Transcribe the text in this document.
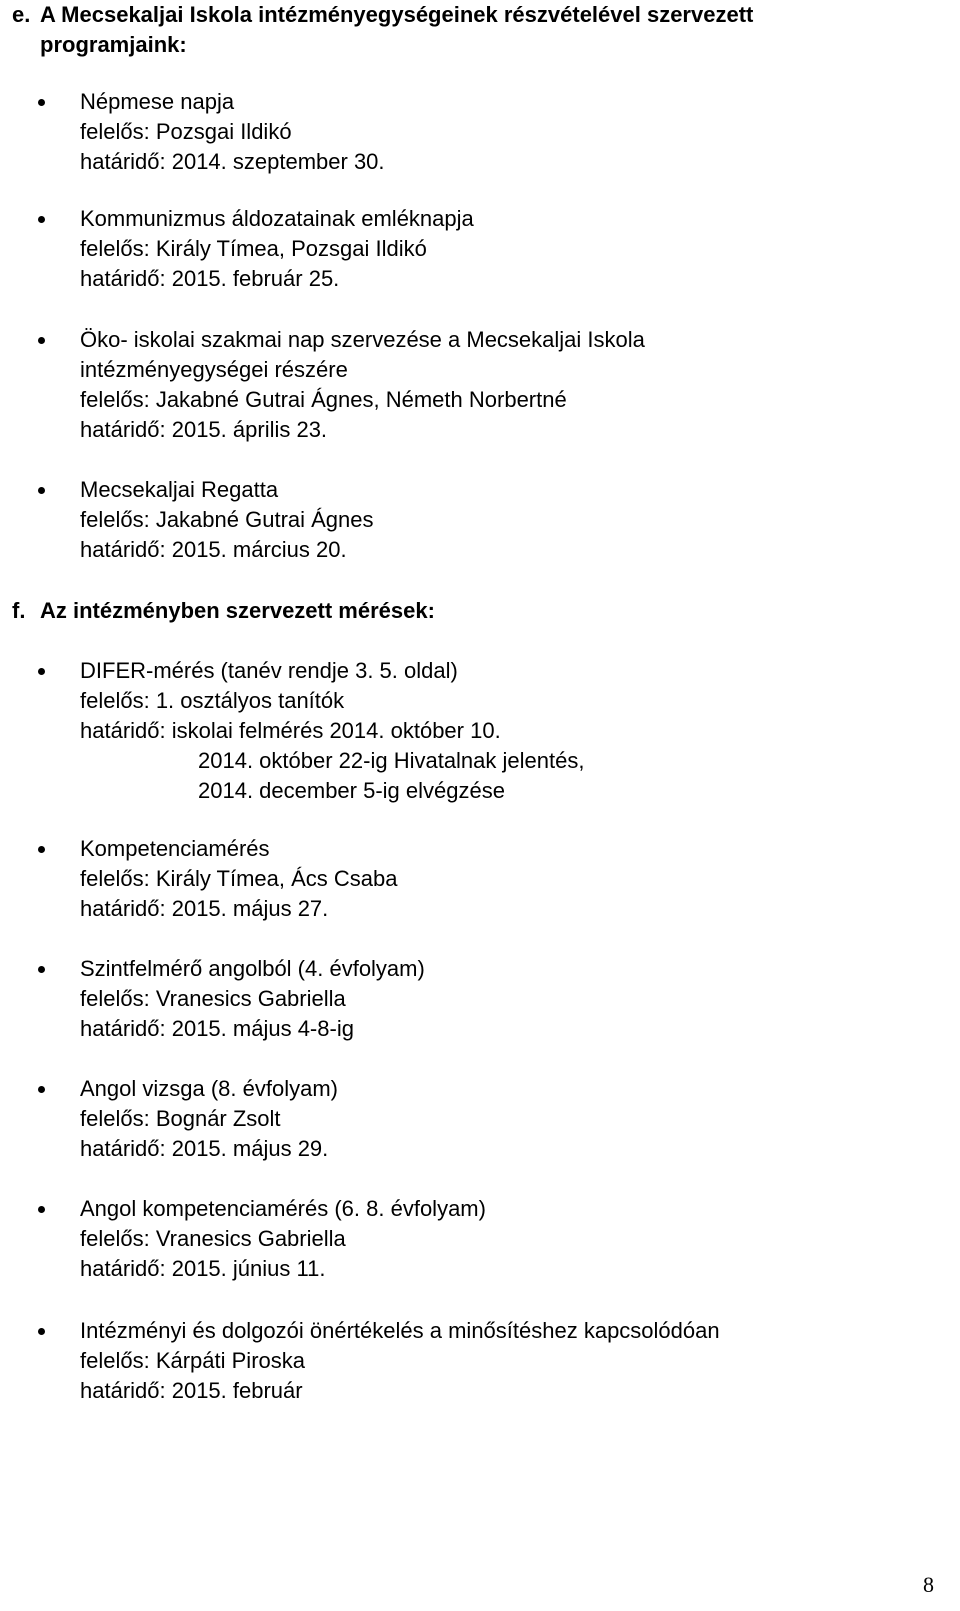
e. A Mecsekaljai Iskola intézményegységeinek részvételével szervezett
programjaink:
Népmese napja
felelős: Pozsgai Ildikó
határidő: 2014. szeptember 30.
Kommunizmus áldozatainak emléknapja
felelős: Király Tímea, Pozsgai Ildikó
határidő: 2015. február 25.
Öko- iskolai szakmai nap szervezése a Mecsekaljai Iskola
intézményegységei részére
felelős: Jakabné Gutrai Ágnes, Németh Norbertné
határidő: 2015. április 23.
Mecsekaljai Regatta
felelős: Jakabné Gutrai Ágnes
határidő: 2015. március 20.
f. Az intézményben szervezett mérések:
DIFER-mérés (tanév rendje 3. 5. oldal)
felelős: 1. osztályos tanítók
határidő: iskolai felmérés 2014. október 10.
2014. október 22-ig Hivatalnak jelentés,
2014. december 5-ig elvégzése
Kompetenciamérés
felelős: Király Tímea, Ács Csaba
határidő: 2015. május 27.
Szintfelmérő angolból (4. évfolyam)
felelős: Vranesics Gabriella
határidő: 2015. május 4-8-ig
Angol vizsga (8. évfolyam)
felelős: Bognár Zsolt
határidő: 2015. május 29.
Angol kompetenciamérés (6. 8. évfolyam)
felelős: Vranesics Gabriella
határidő: 2015. június 11.
Intézményi és dolgozói önértékelés a minősítéshez kapcsolódóan
felelős: Kárpáti Piroska
határidő: 2015. február
8
